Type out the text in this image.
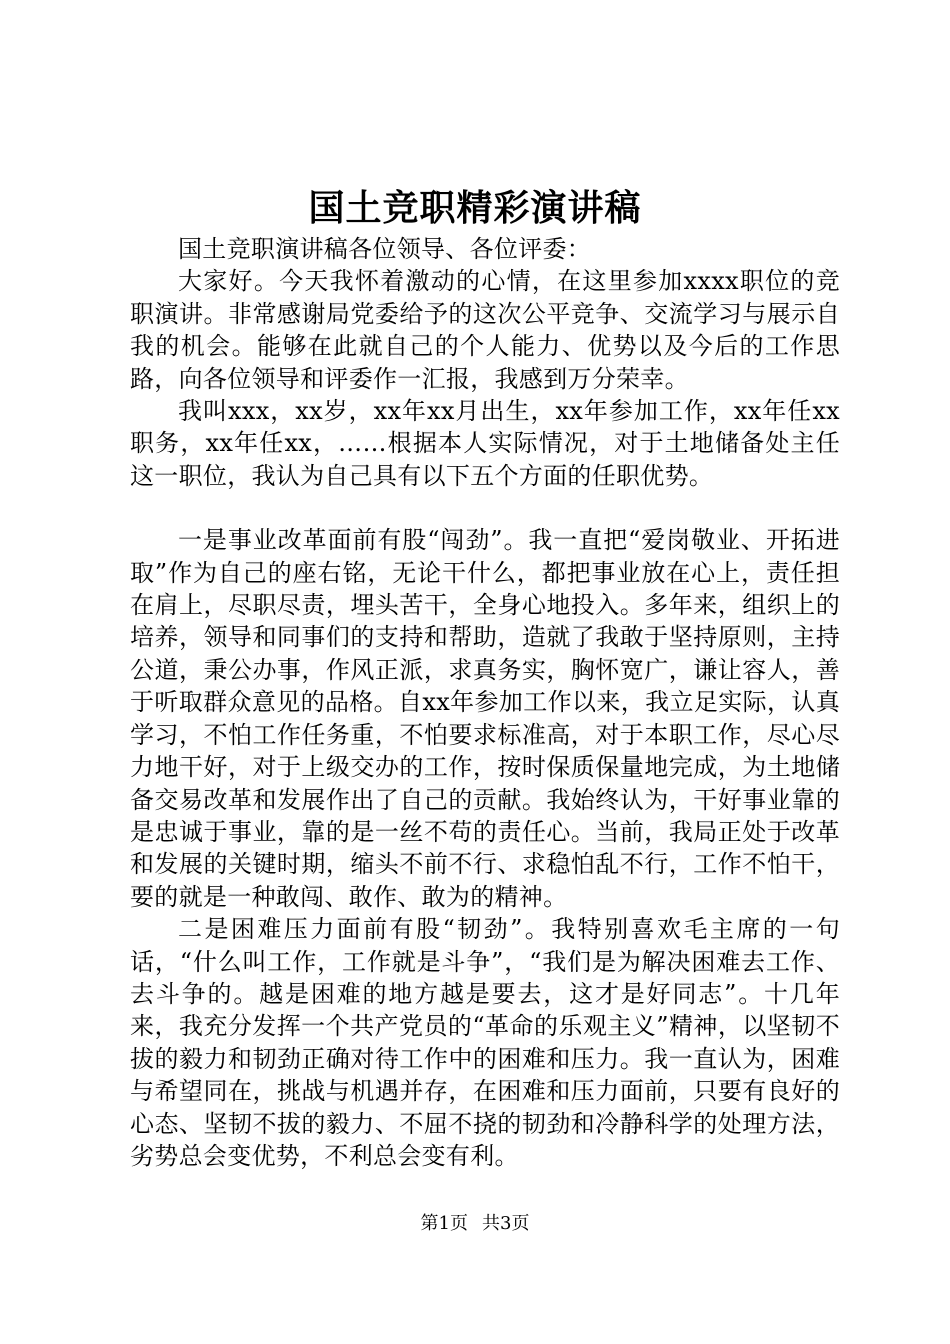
国土竞职精彩演讲稿

国土竞职演讲稿各位领导、各位评委：

大家好。今天我怀着激动的心情，在这里参加xxxx职位的竞职演讲。非常感谢局党委给予的这次公平竞争、交流学习与展示自我的机会。能够在此就自己的个人能力、优势以及今后的工作思路，向各位领导和评委作一汇报，我感到万分荣幸。

我叫xxx，xx岁，xx年xx月出生，xx年参加工作，xx年任xx职务，xx年任xx，……根据本人实际情况，对于土地储备处主任这一职位，我认为自己具有以下五个方面的任职优势。

一是事业改革面前有股“闯劲”。我一直把“爱岗敬业、开拓进取”作为自己的座右铭，无论干什么，都把事业放在心上，责任担在肩上，尽职尽责，埋头苦干，全身心地投入。多年来，组织上的培养，领导和同事们的支持和帮助，造就了我敢于坚持原则，主持公道，秉公办事，作风正派，求真务实，胸怀宽广，谦让容人，善于听取群众意见的品格。自xx年参加工作以来，我立足实际，认真学习，不怕工作任务重，不怕要求标准高，对于本职工作，尽心尽力地干好，对于上级交办的工作，按时保质保量地完成，为土地储备交易改革和发展作出了自己的贡献。我始终认为，干好事业靠的是忠诚于事业，靠的是一丝不苟的责任心。当前，我局正处于改革和发展的关键时期，缩头不前不行、求稳怕乱不行，工作不怕干，要的就是一种敢闯、敢作、敢为的精神。

二是困难压力面前有股“韧劲”。我特别喜欢毛主席的一句话，“什么叫工作，工作就是斗争”，“我们是为解决困难去工作、去斗争的。越是困难的地方越是要去，这才是好同志”。十几年来，我充分发挥一个共产党员的“革命的乐观主义”精神，以坚韧不拔的毅力和韧劲正确对待工作中的困难和压力。我一直认为，困难与希望同在，挑战与机遇并存，在困难和压力面前，只要有良好的心态、坚韧不拔的毅力、不屈不挠的韧劲和冷静科学的处理方法，劣势总会变优势，不利总会变有利。

第1页 共3页
